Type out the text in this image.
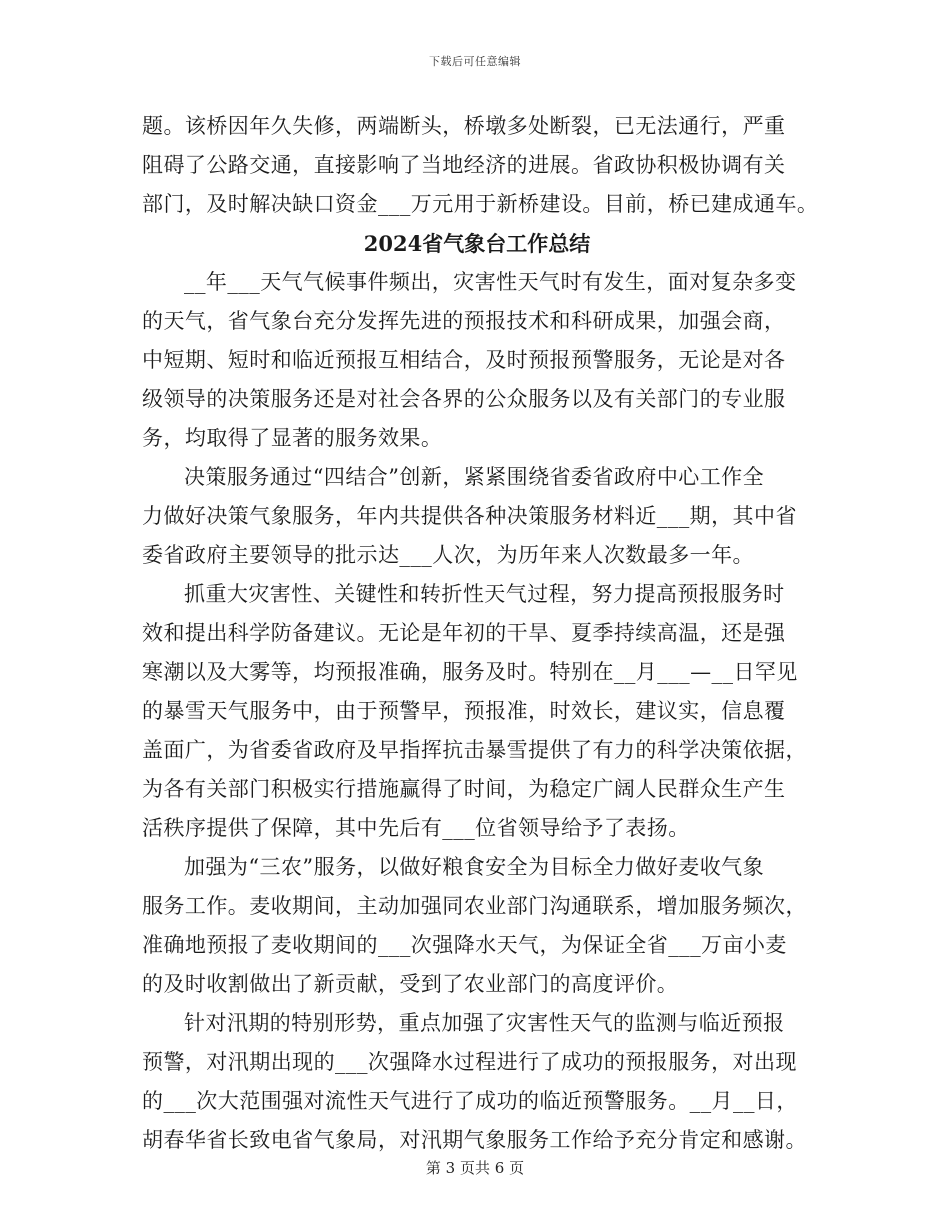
下载后可任意编辑
题。该桥因年久失修，两端断头，桥墩多处断裂，已无法通行，严重
阻碍了公路交通，直接影响了当地经济的进展。省政协积极协调有关
部门，及时解决缺口资金___万元用于新桥建设。目前，桥已建成通车。
2024省气象台工作总结
__年___天气气候事件频出，灾害性天气时有发生，面对复杂多变
的天气，省气象台充分发挥先进的预报技术和科研成果，加强会商，
中短期、短时和临近预报互相结合，及时预报预警服务，无论是对各
级领导的决策服务还是对社会各界的公众服务以及有关部门的专业服
务，均取得了显著的服务效果。
决策服务通过“四结合”创新，紧紧围绕省委省政府中心工作全
力做好决策气象服务，年内共提供各种决策服务材料近___期，其中省
委省政府主要领导的批示达___人次，为历年来人次数最多一年。
抓重大灾害性、关键性和转折性天气过程，努力提高预报服务时
效和提出科学防备建议。无论是年初的干旱、夏季持续高温，还是强
寒潮以及大雾等，均预报准确，服务及时。特别在__月___—__日罕见
的暴雪天气服务中，由于预警早，预报准，时效长，建议实，信息覆
盖面广，为省委省政府及早指挥抗击暴雪提供了有力的科学决策依据，
为各有关部门积极实行措施赢得了时间，为稳定广阔人民群众生产生
活秩序提供了保障，其中先后有___位省领导给予了表扬。
加强为“三农”服务，以做好粮食安全为目标全力做好麦收气象
服务工作。麦收期间，主动加强同农业部门沟通联系，增加服务频次，
准确地预报了麦收期间的___次强降水天气，为保证全省___万亩小麦
的及时收割做出了新贡献，受到了农业部门的高度评价。
针对汛期的特别形势，重点加强了灾害性天气的监测与临近预报
预警，对汛期出现的___次强降水过程进行了成功的预报服务，对出现
的___次大范围强对流性天气进行了成功的临近预警服务。__月__日，
胡春华省长致电省气象局，对汛期气象服务工作给予充分肯定和感谢。
第 3 页共 6 页
